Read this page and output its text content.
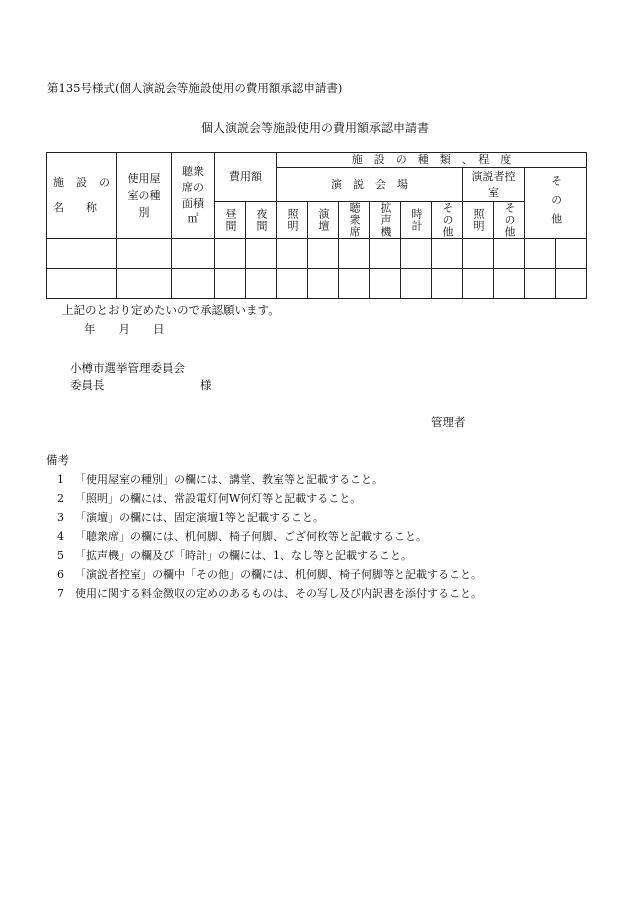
第135号様式(個人演説会等施設使用の費用額承認申請書)
個人演説会等施設使用の費用額承認申請書
施　設　の　名　　称	使用屋室の種別	聴衆席の面積㎡	費用額		施　設　の　種　類　、　程　度									
					演　説　会　場						演説者控室		その他	

			昼間	夜間	照明	演壇	聴衆席	拡声機	時計	その他	照明	その他		

上記のとおり定めたいので承認願います。
年　　月　　日
小樽市選挙管理委員会
委員長	様
管理者
備考
1 「使用屋室の種別」の欄には、講堂、教室等と記載すること。
2 「照明」の欄には、常設電灯何W何灯等と記載すること。
3 「演壇」の欄には、固定演壇1等と記載すること。
4 「聴衆席」の欄には、机何脚、椅子何脚、ござ何枚等と記載すること。
5 「拡声機」の欄及び「時計」の欄には、1、なし等と記載すること。
6 「演説者控室」の欄中「その他」の欄には、机何脚、椅子何脚等と記載すること。
7 使用に関する料金徴収の定めのあるものは、その写し及び内訳書を添付すること。
